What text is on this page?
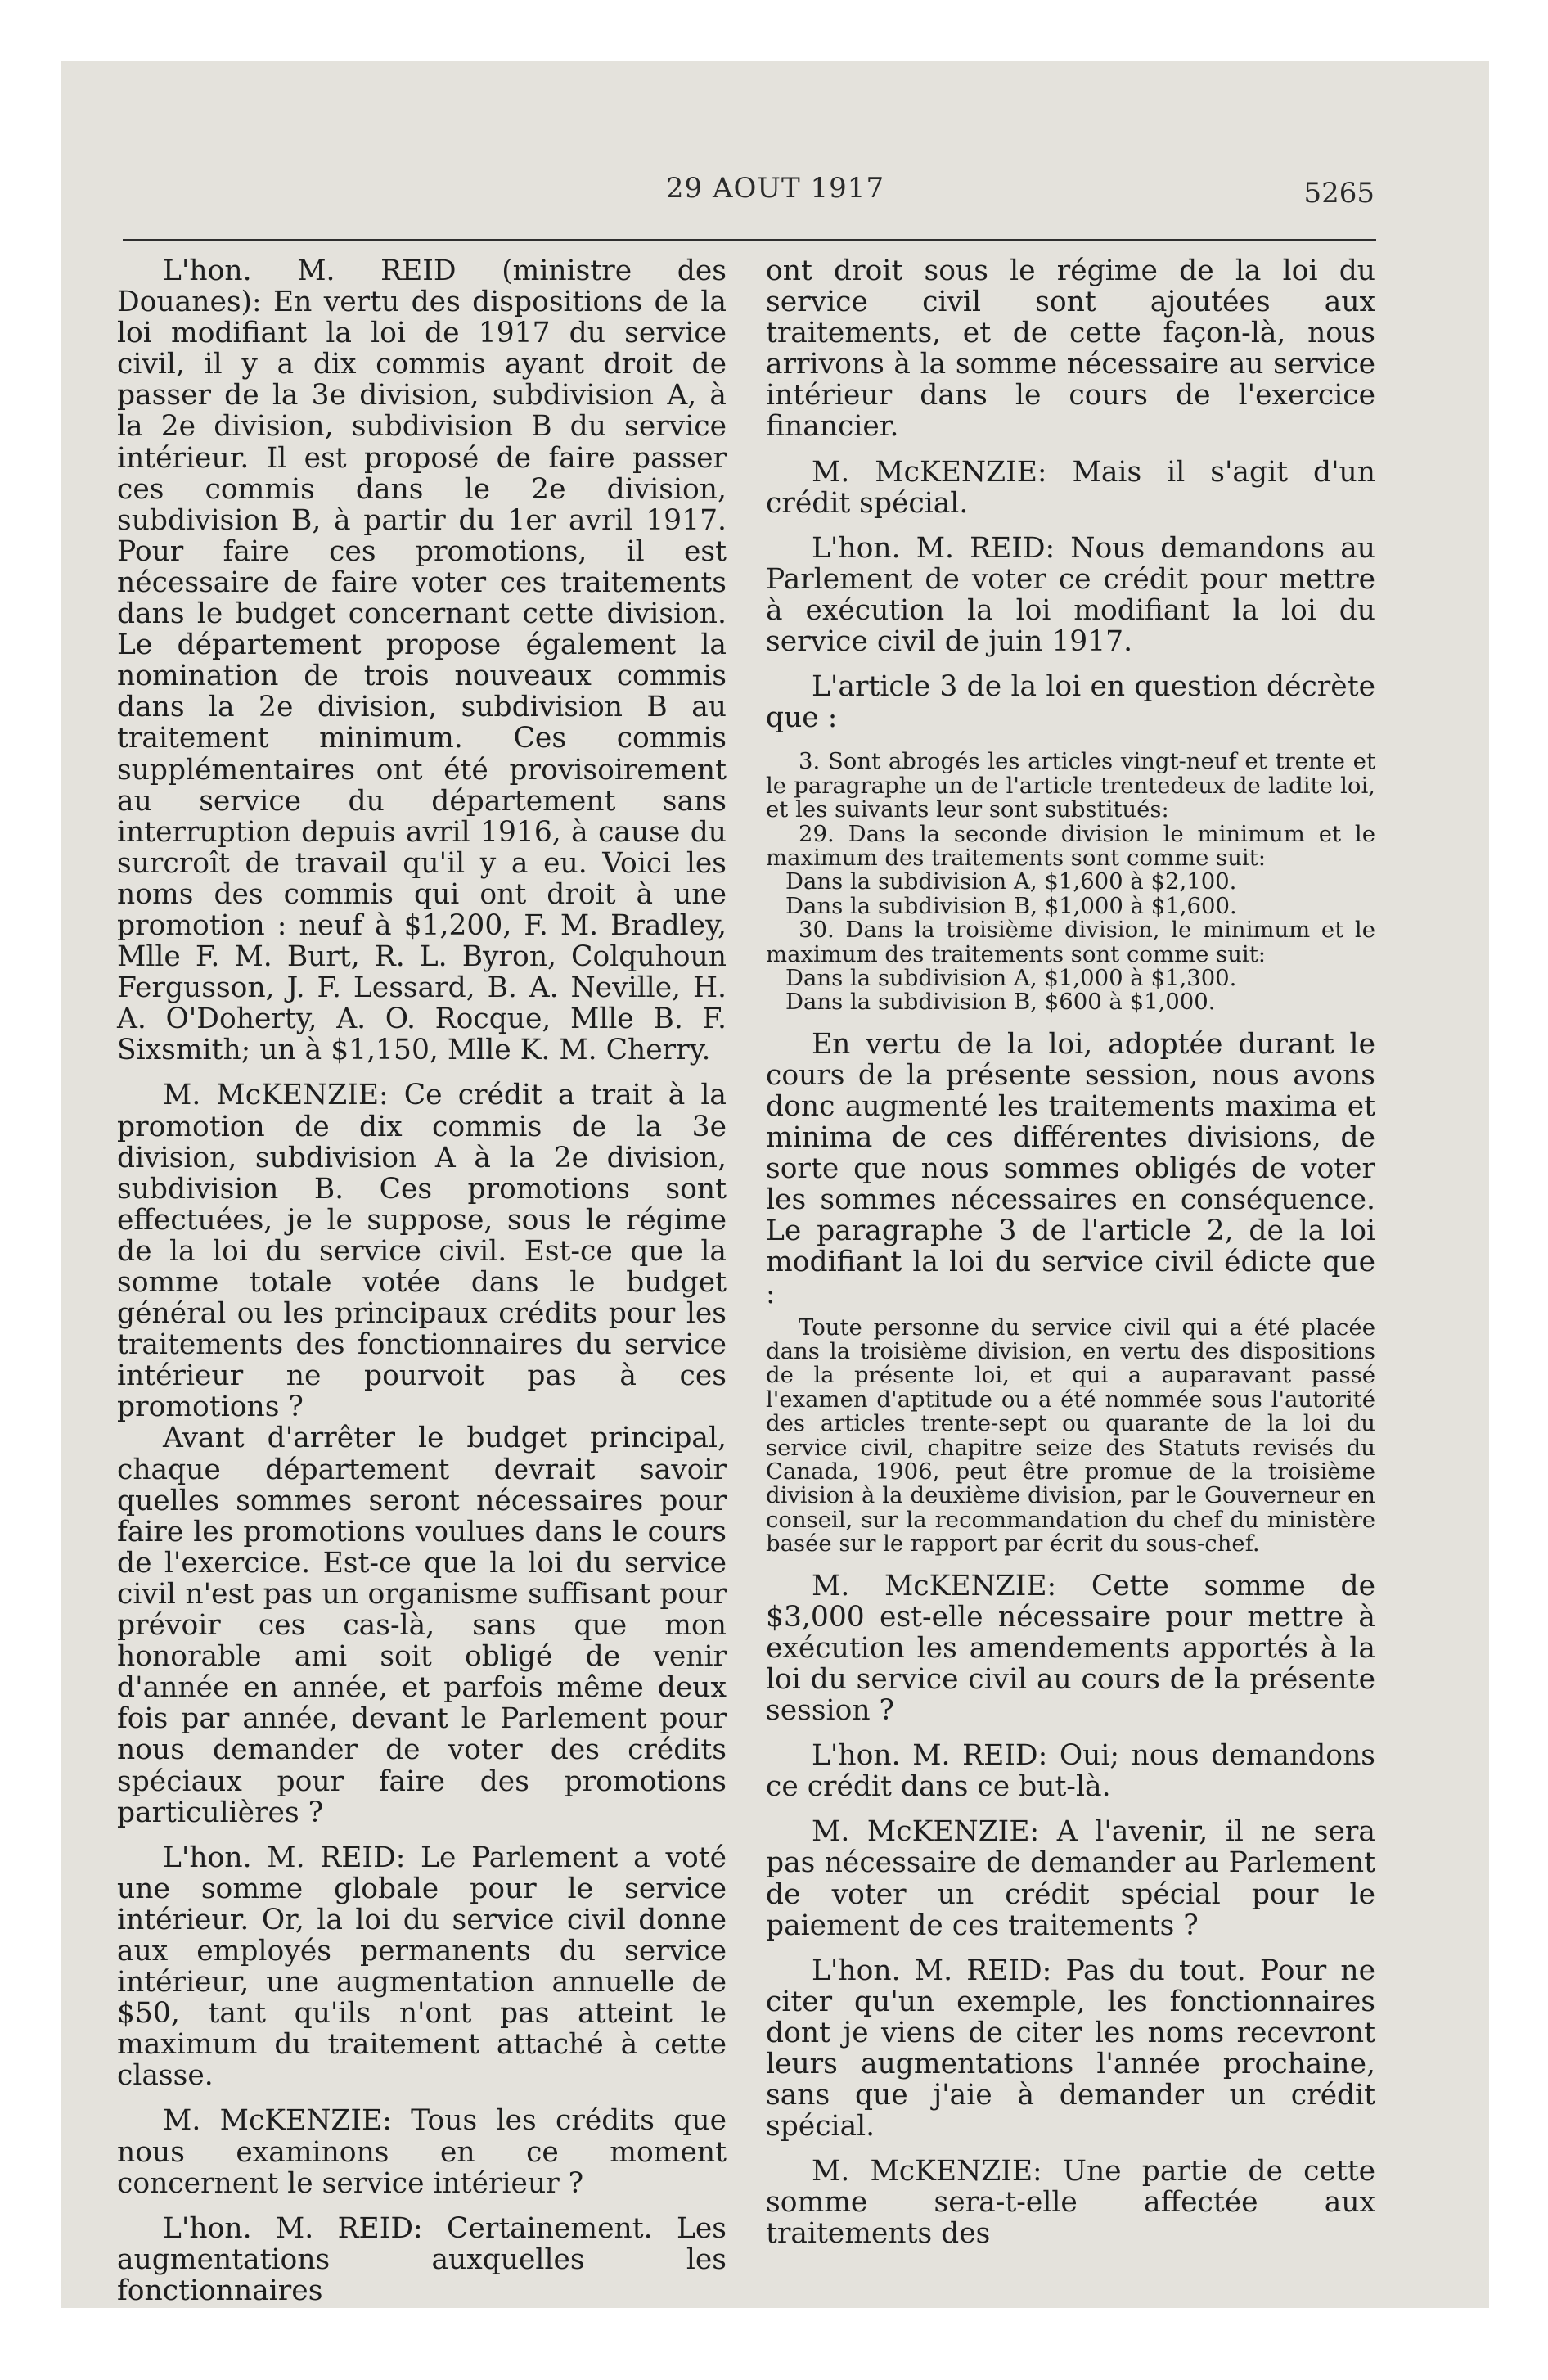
29 AOUT 1917	5265

L'hon. M. REID (ministre des Douanes): En vertu des dispositions de la loi modifiant la loi de 1917 du service civil, il y a dix commis ayant droit de passer de la 3e division, subdivision A, à la 2e division, subdivision B du service intérieur. Il est proposé de faire passer ces commis dans le 2e division, subdivision B, à partir du 1er avril 1917. Pour faire ces promotions, il est nécessaire de faire voter ces traitements dans le budget concernant cette division. Le département propose également la nomination de trois nouveaux commis dans la 2e division, subdivision B au traitement minimum. Ces commis supplémentaires ont été provisoirement au service du département sans interruption depuis avril 1916, à cause du surcroît de travail qu'il y a eu. Voici les noms des commis qui ont droit à une promotion : neuf à $1,200, F. M. Bradley, Mlle F. M. Burt, R. L. Byron, Colquhoun Fergusson, J. F. Lessard, B. A. Neville, H. A. O'Doherty, A. O. Rocque, Mlle B. F. Sixsmith; un à $1,150, Mlle K. M. Cherry.

M. McKENZIE: Ce crédit a trait à la promotion de dix commis de la 3e division, subdivision A à la 2e division, subdivision B. Ces promotions sont effectuées, je le suppose, sous le régime de la loi du service civil. Est-ce que la somme totale votée dans le budget général ou les principaux crédits pour les traitements des fonctionnaires du service intérieur ne pourvoit pas à ces promotions ?

Avant d'arrêter le budget principal, chaque département devrait savoir quelles sommes seront nécessaires pour faire les promotions voulues dans le cours de l'exercice. Est-ce que la loi du service civil n'est pas un organisme suffisant pour prévoir ces cas-là, sans que mon honorable ami soit obligé de venir d'année en année, et parfois même deux fois par année, devant le Parlement pour nous demander de voter des crédits spéciaux pour faire des promotions particulières ?

L'hon. M. REID: Le Parlement a voté une somme globale pour le service intérieur. Or, la loi du service civil donne aux employés permanents du service intérieur, une augmentation annuelle de $50, tant qu'ils n'ont pas atteint le maximum du traitement attaché à cette classe.

M. McKENZIE: Tous les crédits que nous examinons en ce moment concernent le service intérieur ?

L'hon. M. REID: Certainement. Les augmentations auxquelles les fonctionnaires

ont droit sous le régime de la loi du service civil sont ajoutées aux traitements, et de cette façon-là, nous arrivons à la somme nécessaire au service intérieur dans le cours de l'exercice financier.

M. McKENZIE: Mais il s'agit d'un crédit spécial.

L'hon. M. REID: Nous demandons au Parlement de voter ce crédit pour mettre à exécution la loi modifiant la loi du service civil de juin 1917.

L'article 3 de la loi en question décrète que :

3. Sont abrogés les articles vingt-neuf et trente et le paragraphe un de l'article trentedeux de ladite loi, et les suivants leur sont substitués:

29. Dans la seconde division le minimum et le maximum des traitements sont comme suit:

Dans la subdivision A, $1,600 à $2,100.

Dans la subdivision B, $1,000 à $1,600.

30. Dans la troisième division, le minimum et le maximum des traitements sont comme suit:

Dans la subdivision A, $1,000 à $1,300.

Dans la subdivision B, $600 à $1,000.

En vertu de la loi, adoptée durant le cours de la présente session, nous avons donc augmenté les traitements maxima et minima de ces différentes divisions, de sorte que nous sommes obligés de voter les sommes nécessaires en conséquence. Le paragraphe 3 de l'article 2, de la loi modifiant la loi du service civil édicte que :

Toute personne du service civil qui a été placée dans la troisième division, en vertu des dispositions de la présente loi, et qui a auparavant passé l'examen d'aptitude ou a été nommée sous l'autorité des articles trente-sept ou quarante de la loi du service civil, chapitre seize des Statuts revisés du Canada, 1906, peut être promue de la troisième division à la deuxième division, par le Gouverneur en conseil, sur la recommandation du chef du ministère basée sur le rapport par écrit du sous-chef.

M. McKENZIE: Cette somme de $3,000 est-elle nécessaire pour mettre à exécution les amendements apportés à la loi du service civil au cours de la présente session ?

L'hon. M. REID: Oui; nous demandons ce crédit dans ce but-là.

M. McKENZIE: A l'avenir, il ne sera pas nécessaire de demander au Parlement de voter un crédit spécial pour le paiement de ces traitements ?

L'hon. M. REID: Pas du tout. Pour ne citer qu'un exemple, les fonctionnaires dont je viens de citer les noms recevront leurs augmentations l'année prochaine, sans que j'aie à demander un crédit spécial.

M. McKENZIE: Une partie de cette somme sera-t-elle affectée aux traitements des
